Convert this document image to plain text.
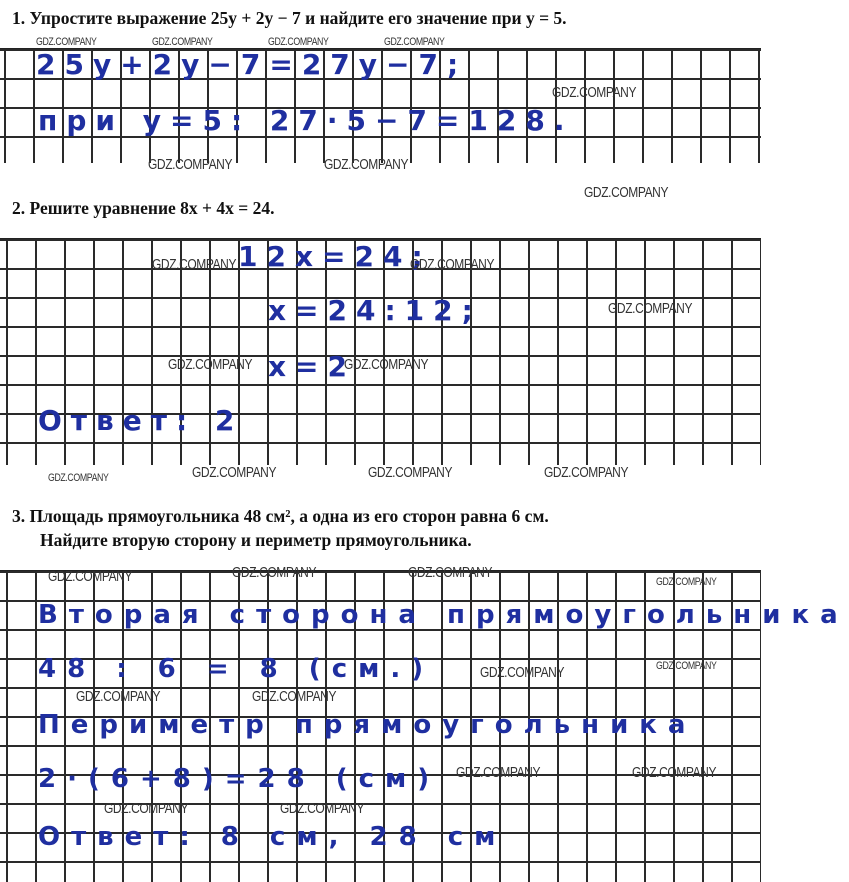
1. Упростите выражение 25y + 2y − 7 и найдите его значение при y = 5.
25y+2y−7=27y−7;
при y=5: 27·5−7=128.
2. Решите уравнение 8x + 4x = 24.
12x=24;
x=24:12;
x=2
Ответ: 2
3. Площадь прямоугольника 48 см², а одна из его сторон равна 6 см.
Найдите вторую сторону и периметр прямоугольника.
Вторая сторона прямоугольника
48 : 6 = 8 (см.)
Периметр прямоугольника
2·(6+8)=28 (см)
Ответ: 8 см, 28 см
GDZ.COMPANY	GDZ.COMPANY	GDZ.COMPANY	GDZ.COMPANY
GDZ.COMPANY
GDZ.COMPANY	GDZ.COMPANY
GDZ.COMPANY
GDZ.COMPANY	GDZ.COMPANY
GDZ.COMPANY
GDZ.COMPANY	GDZ.COMPANY
GDZ.COMPANY	GDZ.COMPANY	GDZ.COMPANY
GDZ.COMPANY
GDZ.COMPANY	GDZ.COMPANY	GDZ.COMPANY
GDZ.COMPANY
GDZ.COMPANY	GDZ.COMPANY
GDZ.COMPANY	GDZ.COMPANY
GDZ.COMPANY	GDZ.COMPANY
GDZ.COMPANY	GDZ.COMPANY
